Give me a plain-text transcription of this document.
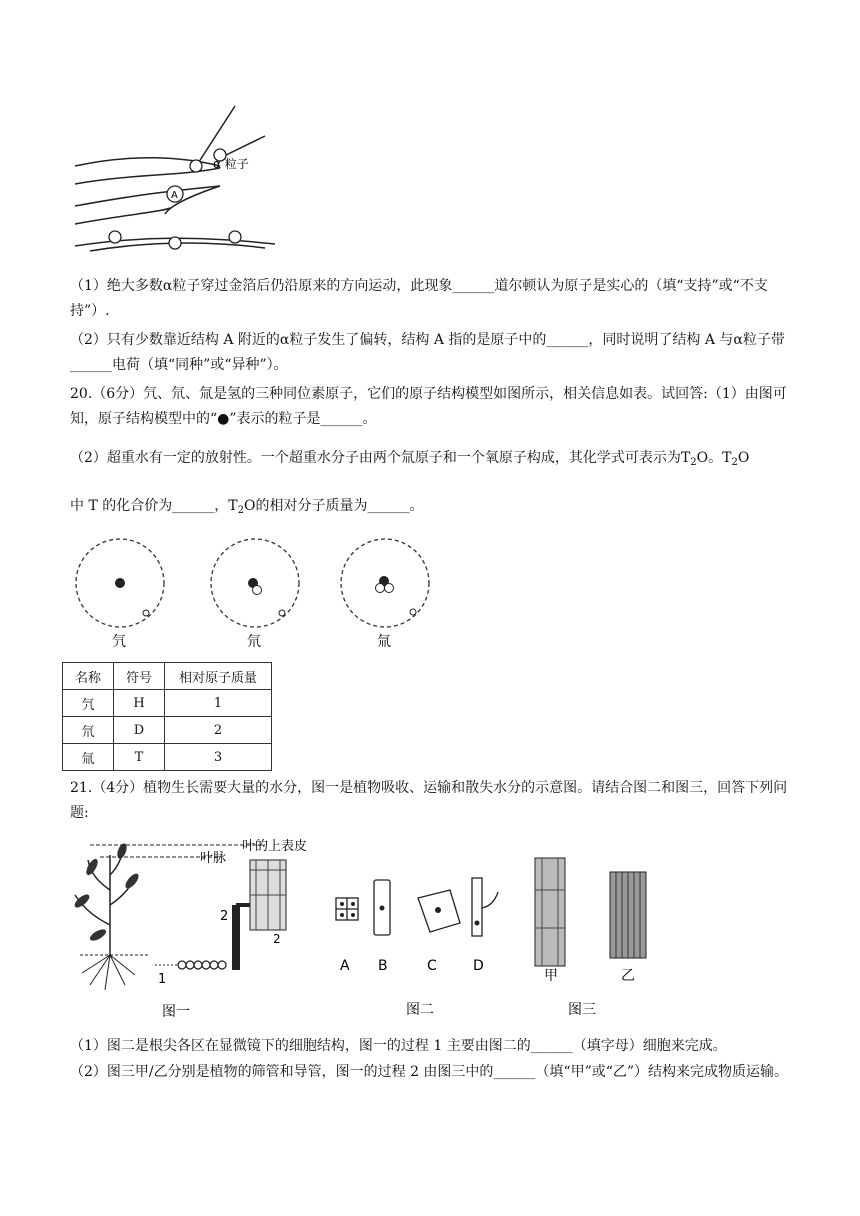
A
α 粒子

（1）绝大多数α粒子穿过金箔后仍沿原来的方向运动，此现象______道尔顿认为原子是实心的（填“支持”或“不支持”）.

（2）只有少数靠近结构 A 附近的α粒子发生了偏转，结构 A 指的是原子中的______，同时说明了结构 A 与α粒子带______电荷（填“同种”或“异种”）。

20.（6分）氕、氘、氚是氢的三种同位素原子，它们的原子结构模型如图所示，相关信息如表。试回答:（1）由图可知，原子结构模型中的“●”表示的粒子是______。

（2）超重水有一定的放射性。一个超重水分子由两个氚原子和一个氧原子构成，其化学式可表示为$T_2O$。$T_2O$

中 T 的化合价为______，$T_2O$的相对分子质量为______。

氕	氘	氚
名称	符号	相对原子质量
氕	H	1
氘	D	2
氚	T	3

21.（4分）植物生长需要大量的水分，图一是植物吸收、运输和散失水分的示意图。请结合图二和图三，回答下列问题:

1
2
2
叶的上表皮
叶脉
图一
A B	C	D
图二
甲	乙
图三

（1）图二是根尖各区在显微镜下的细胞结构，图一的过程 1 主要由图二的______（填字母）细胞来完成。

（2）图三甲/乙分别是植物的筛管和导管，图一的过程 2 由图三中的______（填“甲”或“乙”）结构来完成物质运输。
